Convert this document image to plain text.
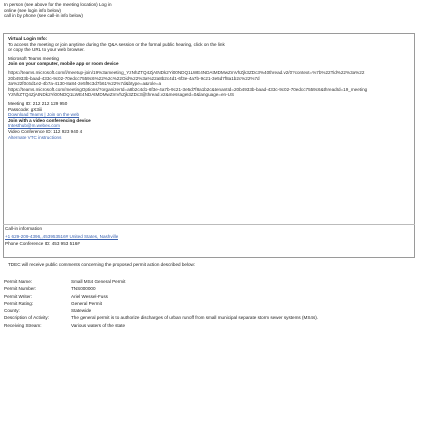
In person (see above for the meeting location) Log in
online (see login info below)
call in by phone (see call-in info below)
Virtual Login Info:
To access the meeting or join anytime during the Q&A session or the formal public hearing, click on the link
or copy the URL to your web browser.
Microsoft Teams meeting
Join on your computer, mobile app or room device
https://teams.microsoft.com/l/meetup-join/19%3ameeting_YzNhZTQ4ZjAtNDk2Yi00NDQ1LWE4NDAtMDMwZmVhZjk3ZDc3%40thread.v2/0?context=%7b%22Tid%22%3a%22
20b4933b-baad-433c-9c02-70edcc7559c6%22%2c%22Oid%22%3a%22a8b2c4d1-6f3e-4a7b-9c21-3e5d7f8a1b2c%22%7d
3a%22f0c6d1e2-4b7a-4130-8a84-2e5f9c3d7b61%22%7d&btype=a&role=a
https://teams.microsoft.com/meetingOptions/?organizerId=a8b2c4d1-6f3e-4a7b-9c21-3e5d7f8a1b2c&tenantId=20b4933b-baad-433c-9c02-70edcc7559c6&threadId=19_meeting
YzNhZTQ4ZjAtNDk2Yi00NDQ1LWE4NDAtMDMwZmVhZjk3ZDc3@thread.v2&messageId=0&language=en-US
Meeting ID: 212 212 129 950
Passcode: gX3iii
Download Teams | Join on the web
Join with a video conferencing device
tntesthub@m.webex.com
Video Conference ID: 112 923 940 4
Alternate VTC instructions
Call-in information
+1 629-209-4396,,453953516# United States, Nashville
Phone Conference ID: 453 953 516#
TDEC will receive public comments concerning the proposed permit action described below:
Permit Name:	Small MS4 General Permit
Permit Number:	TNS000000
Permit Writer:	Ariel Wessel-Fuss
Permit Rating:	General Permit
County:	Statewide
Description of Activity:	The general permit is to authorize discharges of urban runoff from small municipal separate storm sewer systems (MS4s).
Receiving Stream:	Various waters of the state
